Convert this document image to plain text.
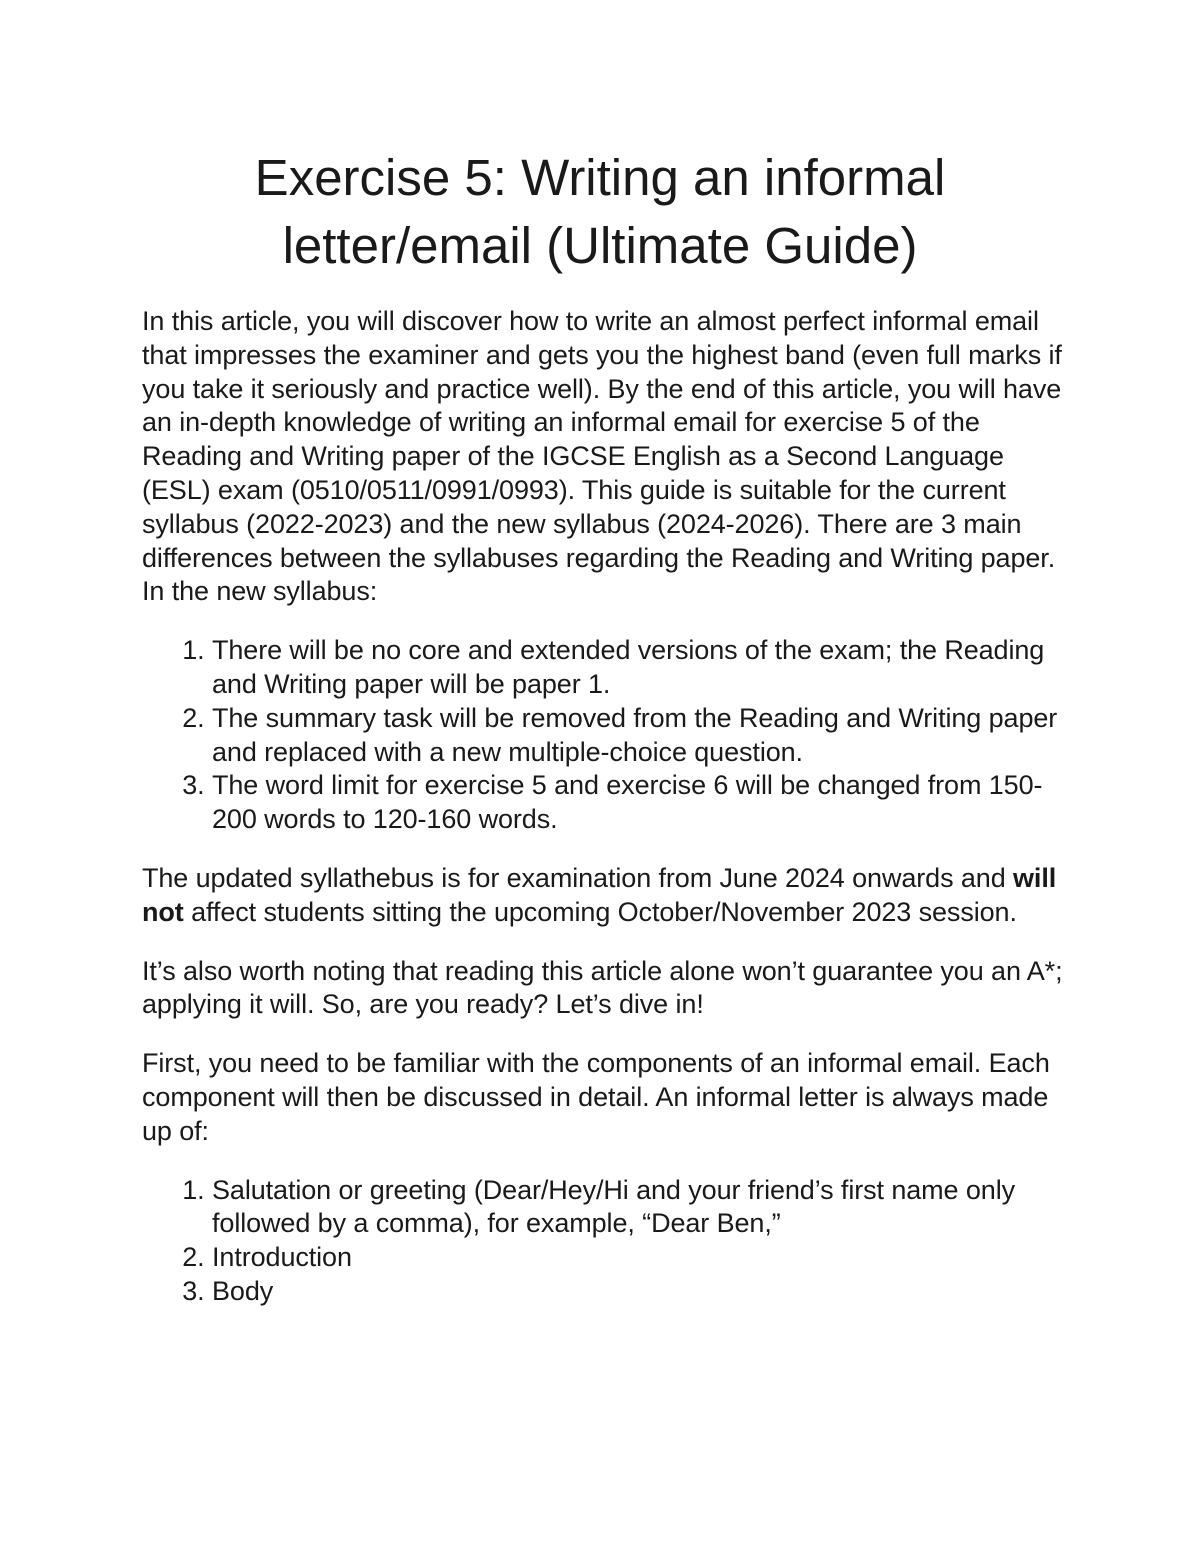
Exercise 5: Writing an informal
letter/email (Ultimate Guide)

In this article, you will discover how to write an almost perfect informal email that impresses the examiner and gets you the highest band (even full marks if you take it seriously and practice well). By the end of this article, you will have an in-depth knowledge of writing an informal email for exercise 5 of the Reading and Writing paper of the IGCSE English as a Second Language (ESL) exam (0510/0511/0991/0993). This guide is suitable for the current syllabus (2022-2023) and the new syllabus (2024-2026). There are 3 main differences between the syllabuses regarding the Reading and Writing paper. In the new syllabus:

1. There will be no core and extended versions of the exam; the Reading and Writing paper will be paper 1.
2. The summary task will be removed from the Reading and Writing paper and replaced with a new multiple-choice question.
3. The word limit for exercise 5 and exercise 6 will be changed from 150-200 words to 120-160 words.

The updated syllathebus is for examination from June 2024 onwards and will not affect students sitting the upcoming October/November 2023 session.

It’s also worth noting that reading this article alone won’t guarantee you an A*; applying it will. So, are you ready? Let’s dive in!

First, you need to be familiar with the components of an informal email. Each component will then be discussed in detail. An informal letter is always made up of:

1. Salutation or greeting (Dear/Hey/Hi and your friend’s first name only followed by a comma), for example, “Dear Ben,”
2. Introduction
3. Body
